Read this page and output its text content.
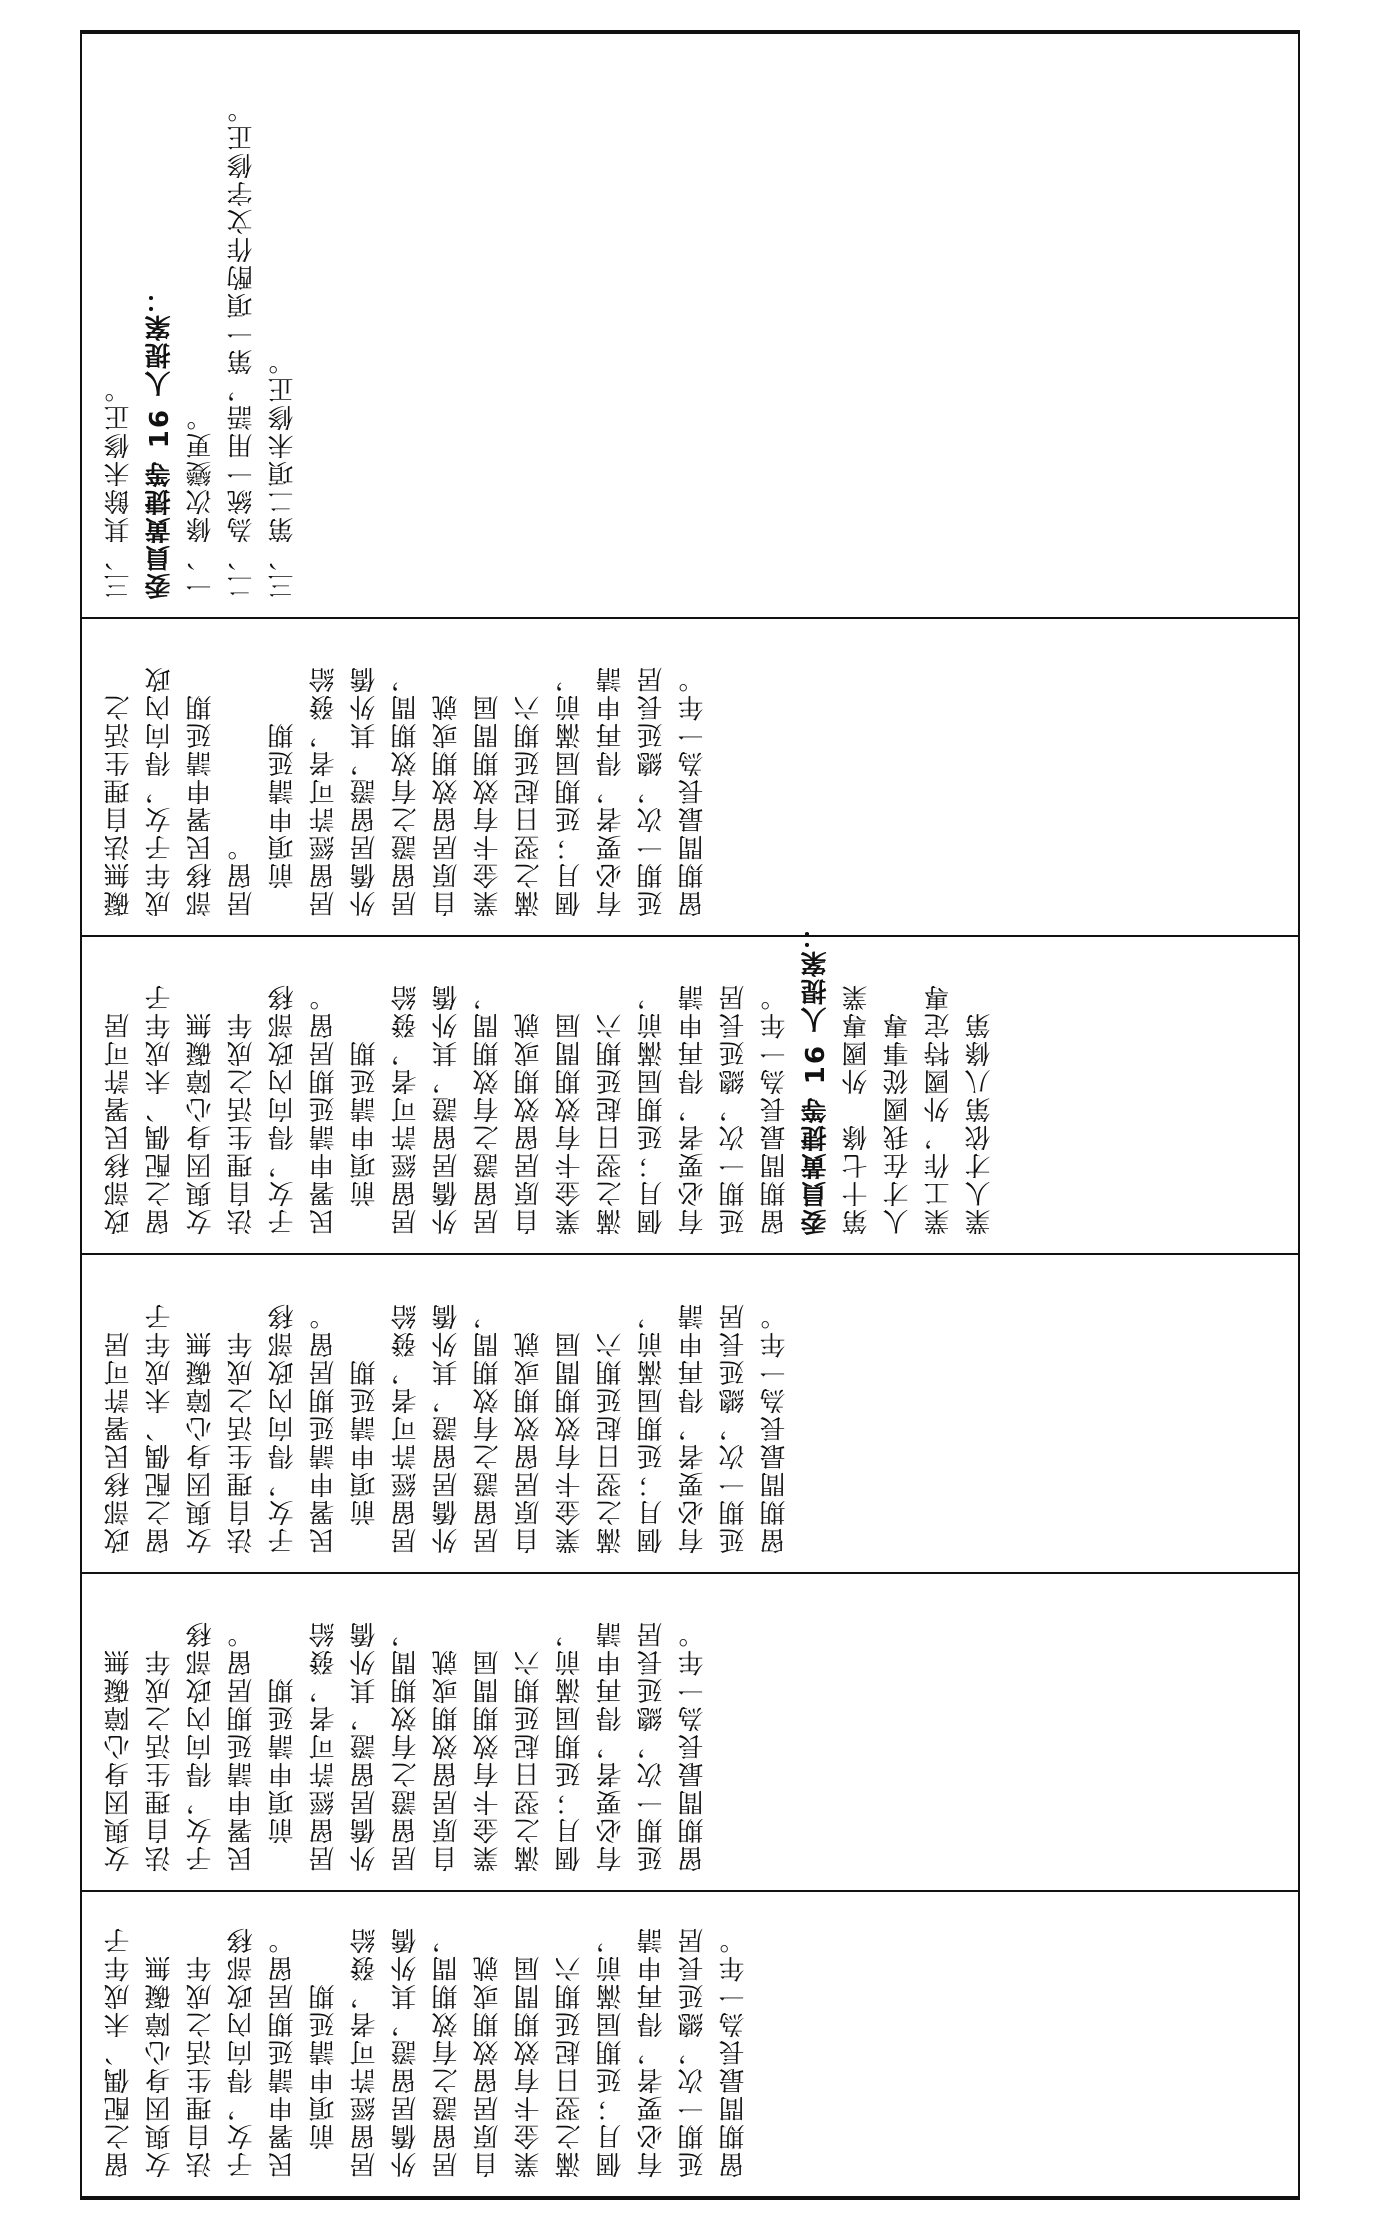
留之配偶、未成年子 女與因身心障礙無 法自理生活之成年 子女，得向內政部移 民署申請延期居留。 　前項申請延期 居留經許可者，發給 外僑居留證，其外僑 居留證之有效期間， 自原居留效期或就 業金卡有效期間屆 滿之翌日起延期六 個月；延期屆滿前， 有必要者，得再申請 延期一次，總延長居 留期間最長為一年。
女與因身心障礙無 法自理生活之成年 子女，得向內政部移 民署申請延期居留。 　前項申請延期 居留經許可者，發給 外僑居留證，其外僑 居留證之有效期間， 自原居留效期或就 業金卡有效期間屆 滿之翌日起延期六 個月；延期屆滿前， 有必要者，得再申請 延期一次，總延長居 留期間最長為一年。
政部移民署許可居 留之配偶、未成年子 女與因身心障礙無 法自理生活之成年 子女，得向內政部移 民署申請延期居留。 　前項申請延期 居留經許可者，發給 外僑居留證，其外僑 居留證之有效期間， 自原居留效期或就 業金卡有效期間屆 滿之翌日起延期六 個月；延期屆滿前， 有必要者，得再申請 延期一次，總延長居 留期間最長為一年。
政部移民署許可居 留之配偶、未成年子 女與因身心障礙無 法自理生活之成年 子女，得向內政部移 民署申請延期居留。 　前項申請延期 居留經許可者，發給 外僑居留證，其外僑 居留證之有效期間， 自原居留效期或就 業金卡有效期間屆 滿之翌日起延期六 個月；延期屆滿前， 有必要者，得再申請 延期一次，總延長居 留期間最長為一年。 委員黃捷等 16 人提案： 第十七條　外國專業 人才在我國從事專 業工作，外國特定專 業人才依第八條第
礙無法自理生活之 成年子女，得向內政 部移民署申請延期 居留。 　前項申請延期 居留經許可者，發給 外僑居留證，其外僑 居留證之有效期間， 自原居留效期或就 業金卡有效期間屆 滿之翌日起延期六 個月；延期屆滿前， 有必要者，得再申請 延期一次，總延長居 留期間最長為一年。
三、其餘未修正。 委員黃捷等 16 人提案： 一、條次變更。 二、為統一用語，第一項酌作文字修正。 三、第二項未修正。
